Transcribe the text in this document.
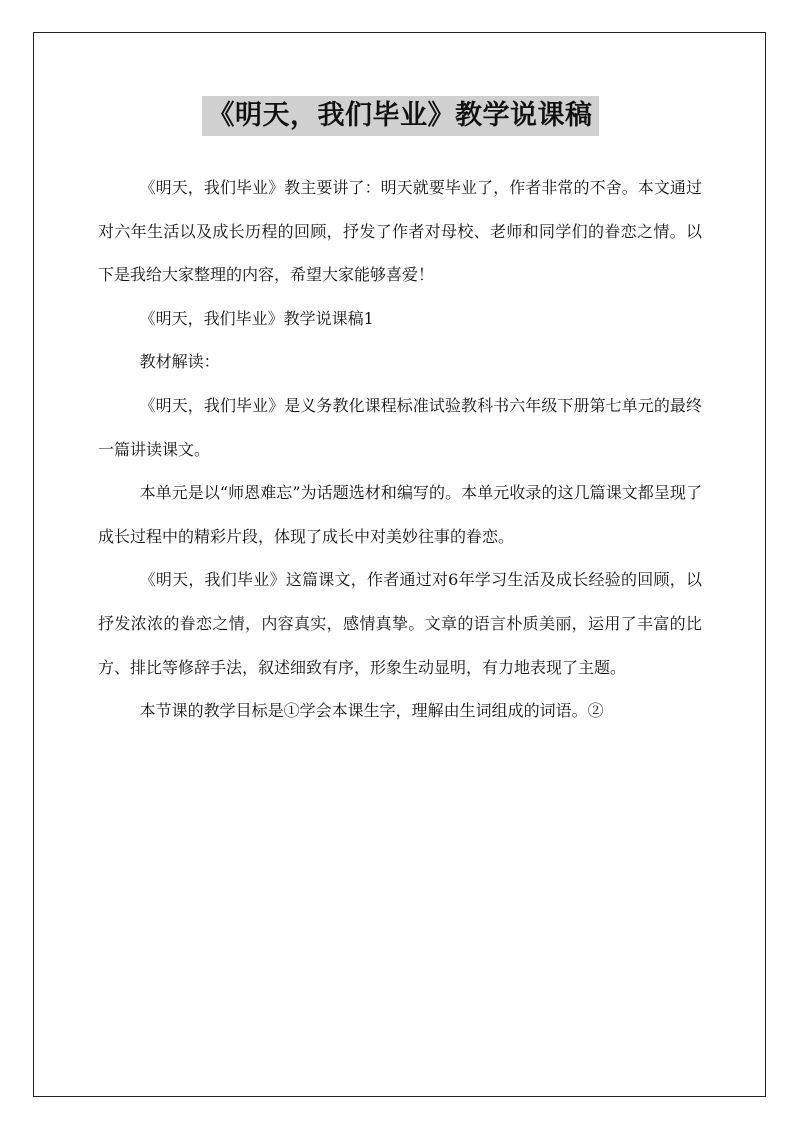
《明天，我们毕业》教学说课稿

《明天，我们毕业》教主要讲了：明天就要毕业了，作者非常的不舍。本文通过对六年生活以及成长历程的回顾，抒发了作者对母校、老师和同学们的眷恋之情。以下是我给大家整理的内容，希望大家能够喜爱！

《明天，我们毕业》教学说课稿1

教材解读：

《明天，我们毕业》是义务教化课程标准试验教科书六年级下册第七单元的最终一篇讲读课文。

本单元是以“师恩难忘”为话题选材和编写的。本单元收录的这几篇课文都呈现了成长过程中的精彩片段，体现了成长中对美妙往事的眷恋。

《明天，我们毕业》这篇课文，作者通过对6年学习生活及成长经验的回顾，以抒发浓浓的眷恋之情，内容真实，感情真挚。文章的语言朴质美丽，运用了丰富的比方、排比等修辞手法，叙述细致有序，形象生动显明，有力地表现了主题。

本节课的教学目标是①学会本课生字，理解由生词组成的词语。②
